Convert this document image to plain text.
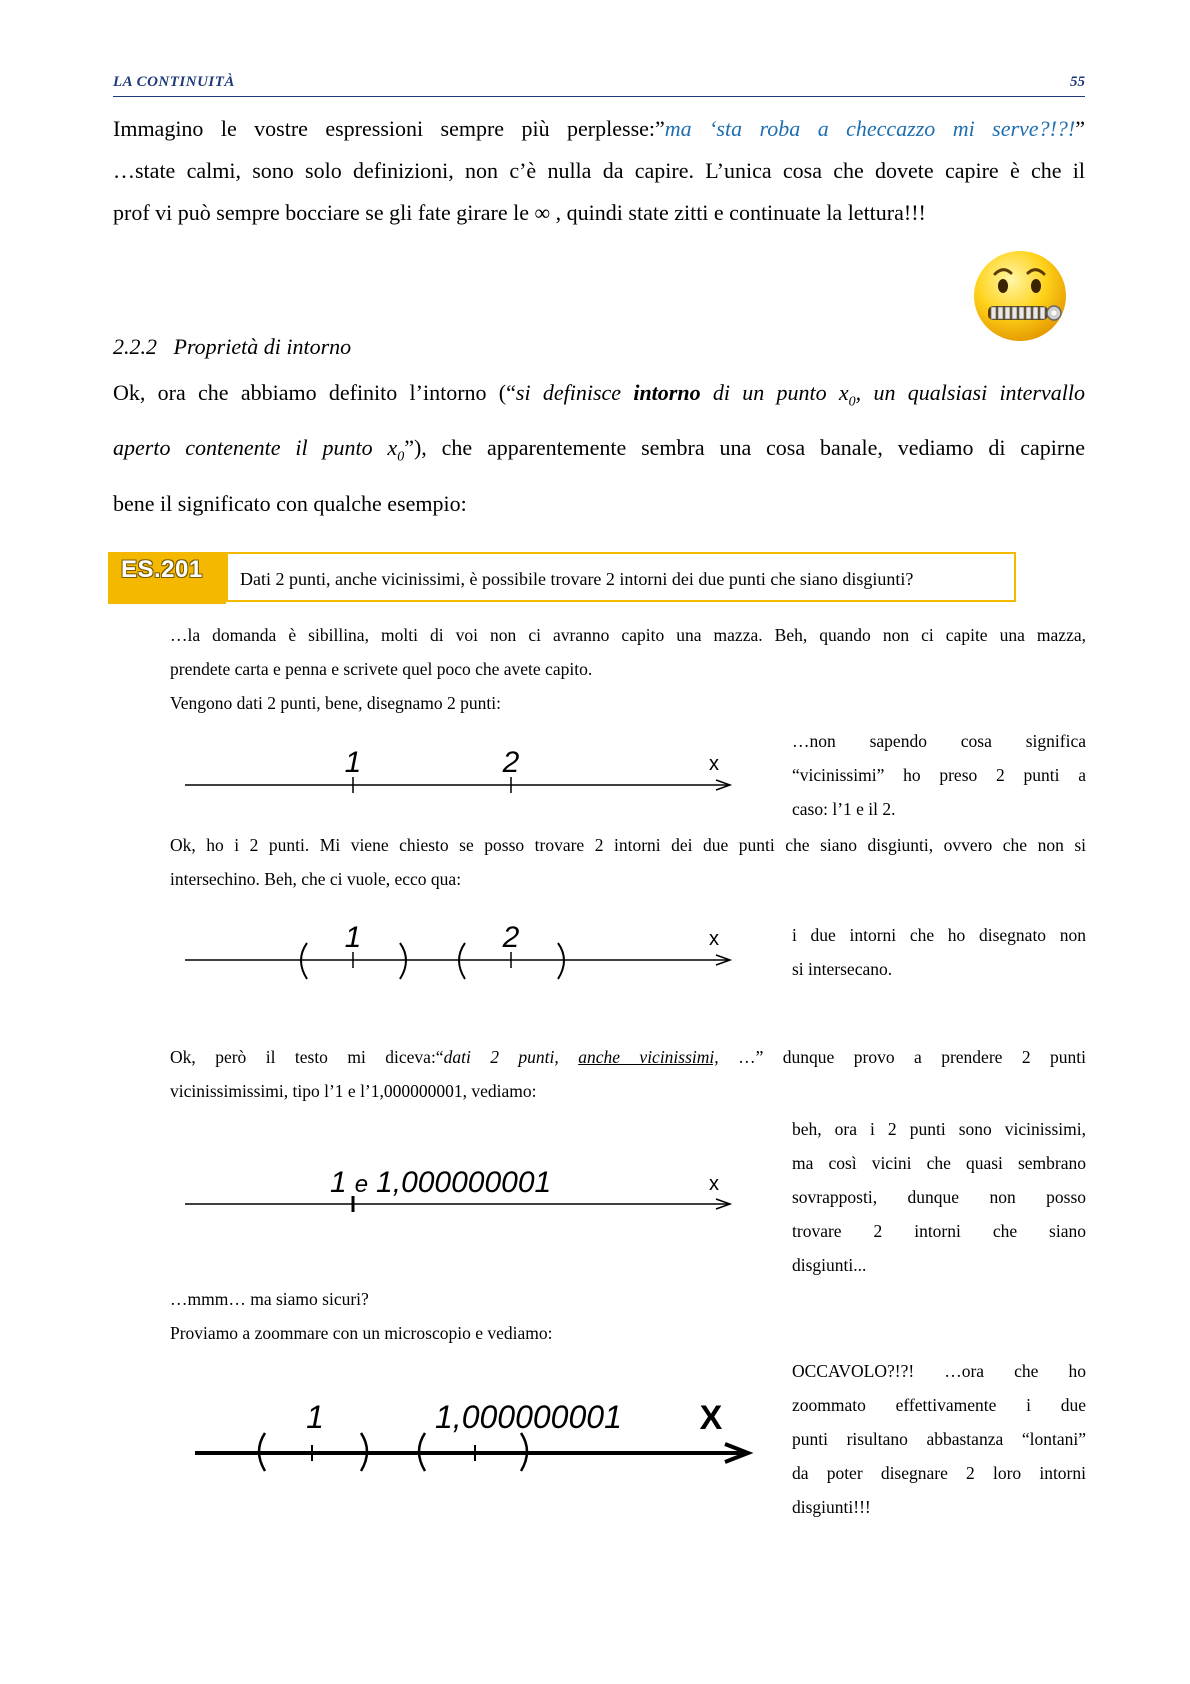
LA CONTINUITÀ	55
Immagino le vostre espressioni sempre più perplesse:”ma ‘sta roba a checcazzo mi serve?!?!”
…state calmi, sono solo definizioni, non c’è nulla da capire. L’unica cosa che dovete capire è che il
prof vi può sempre bocciare se gli fate girare le ∞ , quindi state zitti e continuate la lettura!!!
2.2.2 Proprietà di intorno
Ok, ora che abbiamo definito l’intorno (“si definisce intorno di un punto $x_0$, un qualsiasi intervallo
aperto contenente il punto $x_0$”), che apparentemente sembra una cosa banale, vediamo di capirne
bene il significato con qualche esempio:
ES.201	Dati 2 punti, anche vicinissimi, è possibile trovare 2 intorni dei due punti che siano disgiunti?
…la domanda è sibillina, molti di voi non ci avranno capito una mazza. Beh, quando non ci capite una mazza,
prendete carta e penna e scrivete quel poco che avete capito.
Vengono dati 2 punti, bene, disegnamo 2 punti:
1	2	x
…non sapendo cosa significa
“vicinissimi” ho preso 2 punti a
caso: l’1 e il 2.
Ok, ho i 2 punti. Mi viene chiesto se posso trovare 2 intorni dei due punti che siano disgiunti, ovvero che non si
intersechino. Beh, che ci vuole, ecco qua:
1	2	x	i due intorni che ho disegnato non
si intersecano.
Ok, però il testo mi diceva:“dati 2 punti, anche vicinissimi, …” dunque provo a prendere 2 punti
vicinissimissimi, tipo l’1 e l’1,000000001, vediamo:
1 e 1,000000001	x
beh, ora i 2 punti sono vicinissimi,
ma così vicini che quasi sembrano
sovrapposti, dunque non posso
trovare 2 intorni che siano
disgiunti...
…mmm… ma siamo sicuri?
Proviamo a zoommare con un microscopio e vediamo:
1	1,000000001 X
OCCAVOLO?!?! …ora che ho
zoommato effettivamente i due
punti risultano abbastanza “lontani”
da poter disegnare 2 loro intorni
disgiunti!!!
